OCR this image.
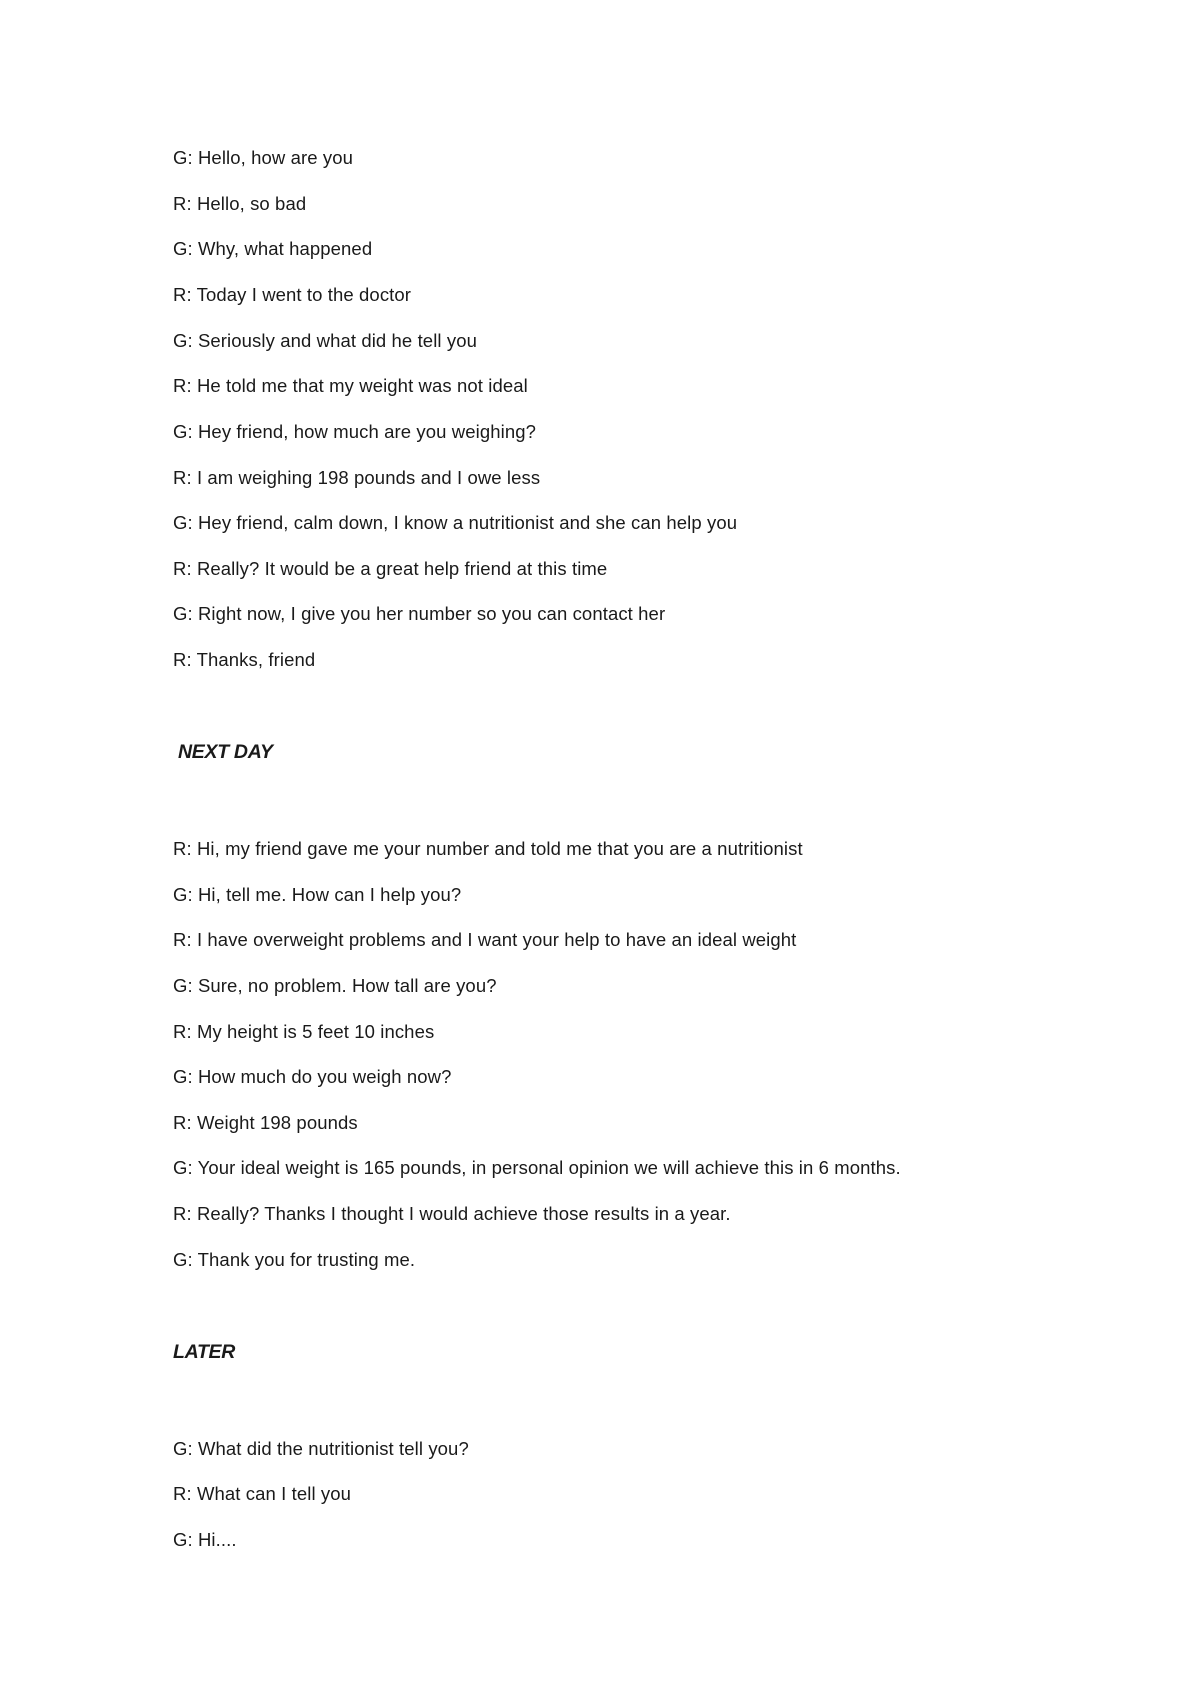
G: Hello, how are you
R: Hello, so bad
G: Why, what happened
R: Today I went to the doctor
G: Seriously and what did he tell you
R: He told me that my weight was not ideal
G: Hey friend, how much are you weighing?
R: I am weighing 198 pounds and I owe less
G: Hey friend, calm down, I know a nutritionist and she can help you
R: Really? It would be a great help friend at this time
G: Right now, I give you her number so you can contact her
R: Thanks, friend
NEXT DAY
R: Hi, my friend gave me your number and told me that you are a nutritionist
G: Hi, tell me. How can I help you?
R: I have overweight problems and I want your help to have an ideal weight
G: Sure, no problem. How tall are you?
R: My height is 5 feet 10 inches
G: How much do you weigh now?
R: Weight 198 pounds
G: Your ideal weight is 165 pounds, in personal opinion we will achieve this in 6 months.
R: Really? Thanks I thought I would achieve those results in a year.
G: Thank you for trusting me.
LATER
G: What did the nutritionist tell you?
R: What can I tell you
G: Hi....
